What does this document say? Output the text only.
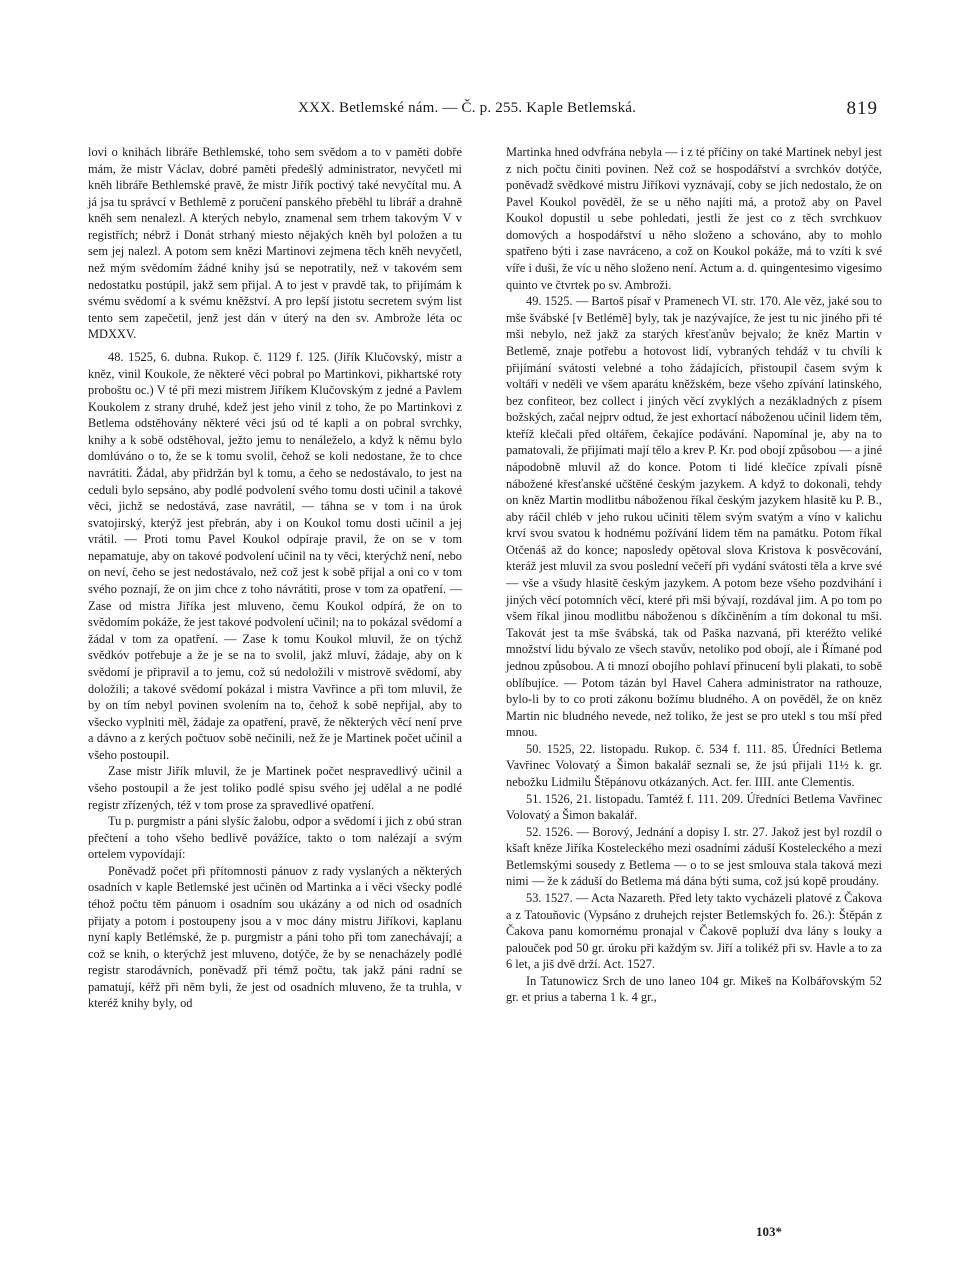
XXX. Betlemské nám. — Č. p. 255. Kaple Betlemská.	819

lovi o knihách libráře Bethlemské, toho sem svědom a to v paměti dobře mám, že mistr Václav, dobré paměti předešlý administrator, nevyčetl mi kněh libráře Bethlemské pravě, že mistr Jiřík poctivý také nevyčítal mu. A já jsa tu správcí v Bethlemě z poručení panského přeběhl tu librář a drahně kněh sem nenalezl. A kterých nebylo, znamenal sem trhem takovým V v registřích; nébrž i Donát strhaný miesto nějakých kněh byl položen a tu sem jej nalezl. A potom sem knězi Martinovi zejmena těch kněh nevyčetl, než mým svědomím žádné knihy jsú se nepotratily, než v takovém sem nedostatku postúpil, jakž sem přijal. A to jest v pravdě tak, to přijímám k svému svědomí a k svému kněžství. A pro lepší jistotu secretem svým list tento sem zapečetil, jenž jest dán v úterý na den sv. Ambrože léta oc MDXXV.

48. 1525, 6. dubna. Rukop. č. 1129 f. 125. (Jiřík Klučovský, mistr a kněz, vinil Koukole, že některé věci pobral po Martinkovi, pikhartské roty proboštu oc.) V té při mezi mistrem Jiříkem Klučovským z jedné a Pavlem Koukolem z strany druhé, kdež jest jeho vinil z toho, že po Martinkovi z Betlema odstěhovány některé věci jsú od té kapli a on pobral svrchky, knihy a k sobě odstěhoval, ježto jemu to nenáleželo, a když k němu bylo domlúváno o to, že se k tomu svolil, čehož se koli nedostane, že to chce navrátiti. Žádal, aby přidržán byl k tomu, a čeho se nedostávalo, to jest na ceduli bylo sepsáno, aby podlé podvolení svého tomu dosti učinil a takové věci, jichž se nedostává, zase navrátil, — táhna se v tom i na úrok svatojirský, kterýž jest přebrán, aby i on Koukol tomu dosti učinil a jej vrátil. — Proti tomu Pavel Koukol odpíraje pravil, že on se v tom nepamatuje, aby on takové podvolení učinil na ty věci, kterýchž není, nebo on neví, čeho se jest nedostávalo, než což jest k sobě přijal a oni co v tom svého poznají, že on jim chce z toho návrátiti, prose v tom za opatření. — Zase od mistra Jiříka jest mluveno, čemu Koukol odpírá, že on to svědomím pokáže, že jest takové podvolení učinil; na to pokázal svědomí a žádal v tom za opatření. — Zase k tomu Koukol mluvil, že on týchž svědkóv potřebuje a že je se na to svolil, jakž mluví, žádaje, aby on k svědomí je připravil a to jemu, což sú nedoložili v mistrově svědomí, aby doložili; a takové svědomí pokázal i mistra Vavřince a při tom mluvil, že by on tím nebyl povinen svolením na to, čehož k sobě nepřijal, aby to všecko vyplniti měl, žádaje za opatření, pravě, že některých věcí není prve a dávno a z kerých počtuov sobě nečinili, než že je Martinek počet učinil a všeho postoupil.

Zase mistr Jiřík mluvil, že je Martinek počet nespravedlivý učinil a všeho postoupil a že jest toliko podlé spisu svého jej udělal a ne podlé registr zřízených, též v tom prose za spravedlivé opatření.

Tu p. purgmistr a páni slyšíc žalobu, odpor a svědomí i jich z obú stran přečtení a toho všeho bedlivě povážíce, takto o tom nalézají a svým ortelem vypovídají:

Poněvadž počet při přítomnosti pánuov z rady vyslaných a některých osadních v kaple Betlemské jest učiněn od Martinka a i věci všecky podlé téhož počtu těm pánuom i osadním sou ukázány a od nich od osadních přijaty a potom i postoupeny jsou a v moc dány mistru Jiříkovi, kaplanu nyní kaply Betlémské, že p. purgmistr a páni toho při tom zanechávají; a což se knih, o kterýchž jest mluveno, dotýče, že by se nenacházely podlé registr starodávních, poněvadž při témž počtu, tak jakž páni radní se pamatují, kéřž při něm byli, že jest od osadních mluveno, že ta truhla, v kteréž knihy byly, od

Martinka hned odvfrána nebyla — i z té příčiny on také Martinek nebyl jest z nich počtu činiti povinen. Než což se hospodářství a svrchkóv dotýče, poněvadž svědkové mistru Jiříkovi vyznávají, coby se jich nedostalo, že on Pavel Koukol pověděl, že se u něho najíti má, a protož aby on Pavel Koukol dopustil u sebe pohledati, jestli že jest co z těch svrchkuov domových a hospodářství u něho složeno a schováno, aby to mohlo spatřeno býti i zase navráceno, a což on Koukol pokáže, má to vzíti k své víře i duši, že víc u něho složeno není. Actum a. d. quingentesimo vigesimo quinto ve čtvrtek po sv. Ambroži.

49. 1525. — Bartoš písař v Pramenech VI. str. 170. Ale věz, jaké sou to mše švábské [v Betlémě] byly, tak je nazývajíce, že jest tu nic jiného při té mši nebylo, než jakž za starých křesťanův bejvalo; že kněz Martin v Betlemě, znaje potřebu a hotovost lidí, vybraných tehdáž v tu chvíli k přijímání svátosti velebné a toho žádajících, přistoupil časem svým k voltáři v neděli ve všem aparátu kněžském, beze všeho zpívání latinského, bez confiteor, bez collect i jiných věcí zvyklých a nezákladných z písem božských, začal nejprv odtud, že jest exhortací náboženou učinil lidem těm, kteříž klečali před oltářem, čekajíce podávání. Napomínal je, aby na to pamatovali, že přijímati mají tělo a krev P. Kr. pod obojí způsobou — a jiné nápodobně mluvil až do konce. Potom ti lidé klečíce zpívali písně nábožené křesťanské učštěné českým jazykem. A když to dokonali, tehdy on kněz Martin modlitbu náboženou říkal českým jazykem hlasitě ku P. B., aby ráčil chléb v jeho rukou učiniti tělem svým svatým a víno v kalichu krví svou svatou k hodnému požívání lidem těm na památku. Potom říkal Otčenáš až do konce; naposledy opětoval slova Kristova k posvěcování, kteráž jest mluvil za svou poslední večeří při vydání svátosti těla a krve své — vše a všudy hlasitě českým jazykem. A potom beze všeho pozdvihání i jiných věcí potomních věcí, které při mši bývají, rozdával jim. A po tom po všem říkal jinou modlitbu náboženou s díkčiněním a tím dokonal tu mši. Takovát jest ta mše švábská, tak od Paška nazvaná, při kteréžto veliké množství lidu bývalo ze všech stavův, netoliko pod obojí, ale i Římané pod jednou způsobou. A ti mnozí obojího pohlaví přinucení byli plakati, to sobě oblíbujíce. — Potom tázán byl Havel Cahera administrator na rathouze, bylo-li by to co proti zákonu božímu bludného. A on pověděl, že on kněz Martin nic bludného nevede, než toliko, že jest se pro utekl s tou mší před mnou.

50. 1525, 22. listopadu. Rukop. č. 534 f. 111. 85. Úředníci Betlema Vavřinec Volovatý a Šimon bakalář seznali se, že jsú přijali 11½ k. gr. nebožku Lidmilu Štěpánovu otkázaných. Act. fer. IIII. ante Clementis.

51. 1526, 21. listopadu. Tamtéž f. 111. 209. Úředníci Betlema Vavřinec Volovatý a Šimon bakalář.

52. 1526. — Borový, Jednání a dopisy I. str. 27. Jakož jest byl rozdíl o kšaft kněze Jiříka Kosteleckého mezi osadními záduší Kosteleckého a mezi Betlemskými sousedy z Betlema — o to se jest smlouva stala taková mezi nimi — že k záduší do Betlema má dána býti suma, což jsú kopě proudány.

53. 1527. — Acta Nazareth. Před lety takto vycházeli platové z Čakova a z Tatouňovic (Vypsáno z druhejch rejster Betlemských fo. 26.): Štěpán z Čakova panu komornému pronajal v Čakově popluží dva lány s louky a palouček pod 50 gr. úroku při každým sv. Jiří a tolikéž při sv. Havle a to za 6 let, a jiš dvě drží. Act. 1527.

In Tatunowicz Srch de uno laneo 104 gr. Mikeš na Kolbářovským 52 gr. et prius a taberna 1 k. 4 gr.,

103*
